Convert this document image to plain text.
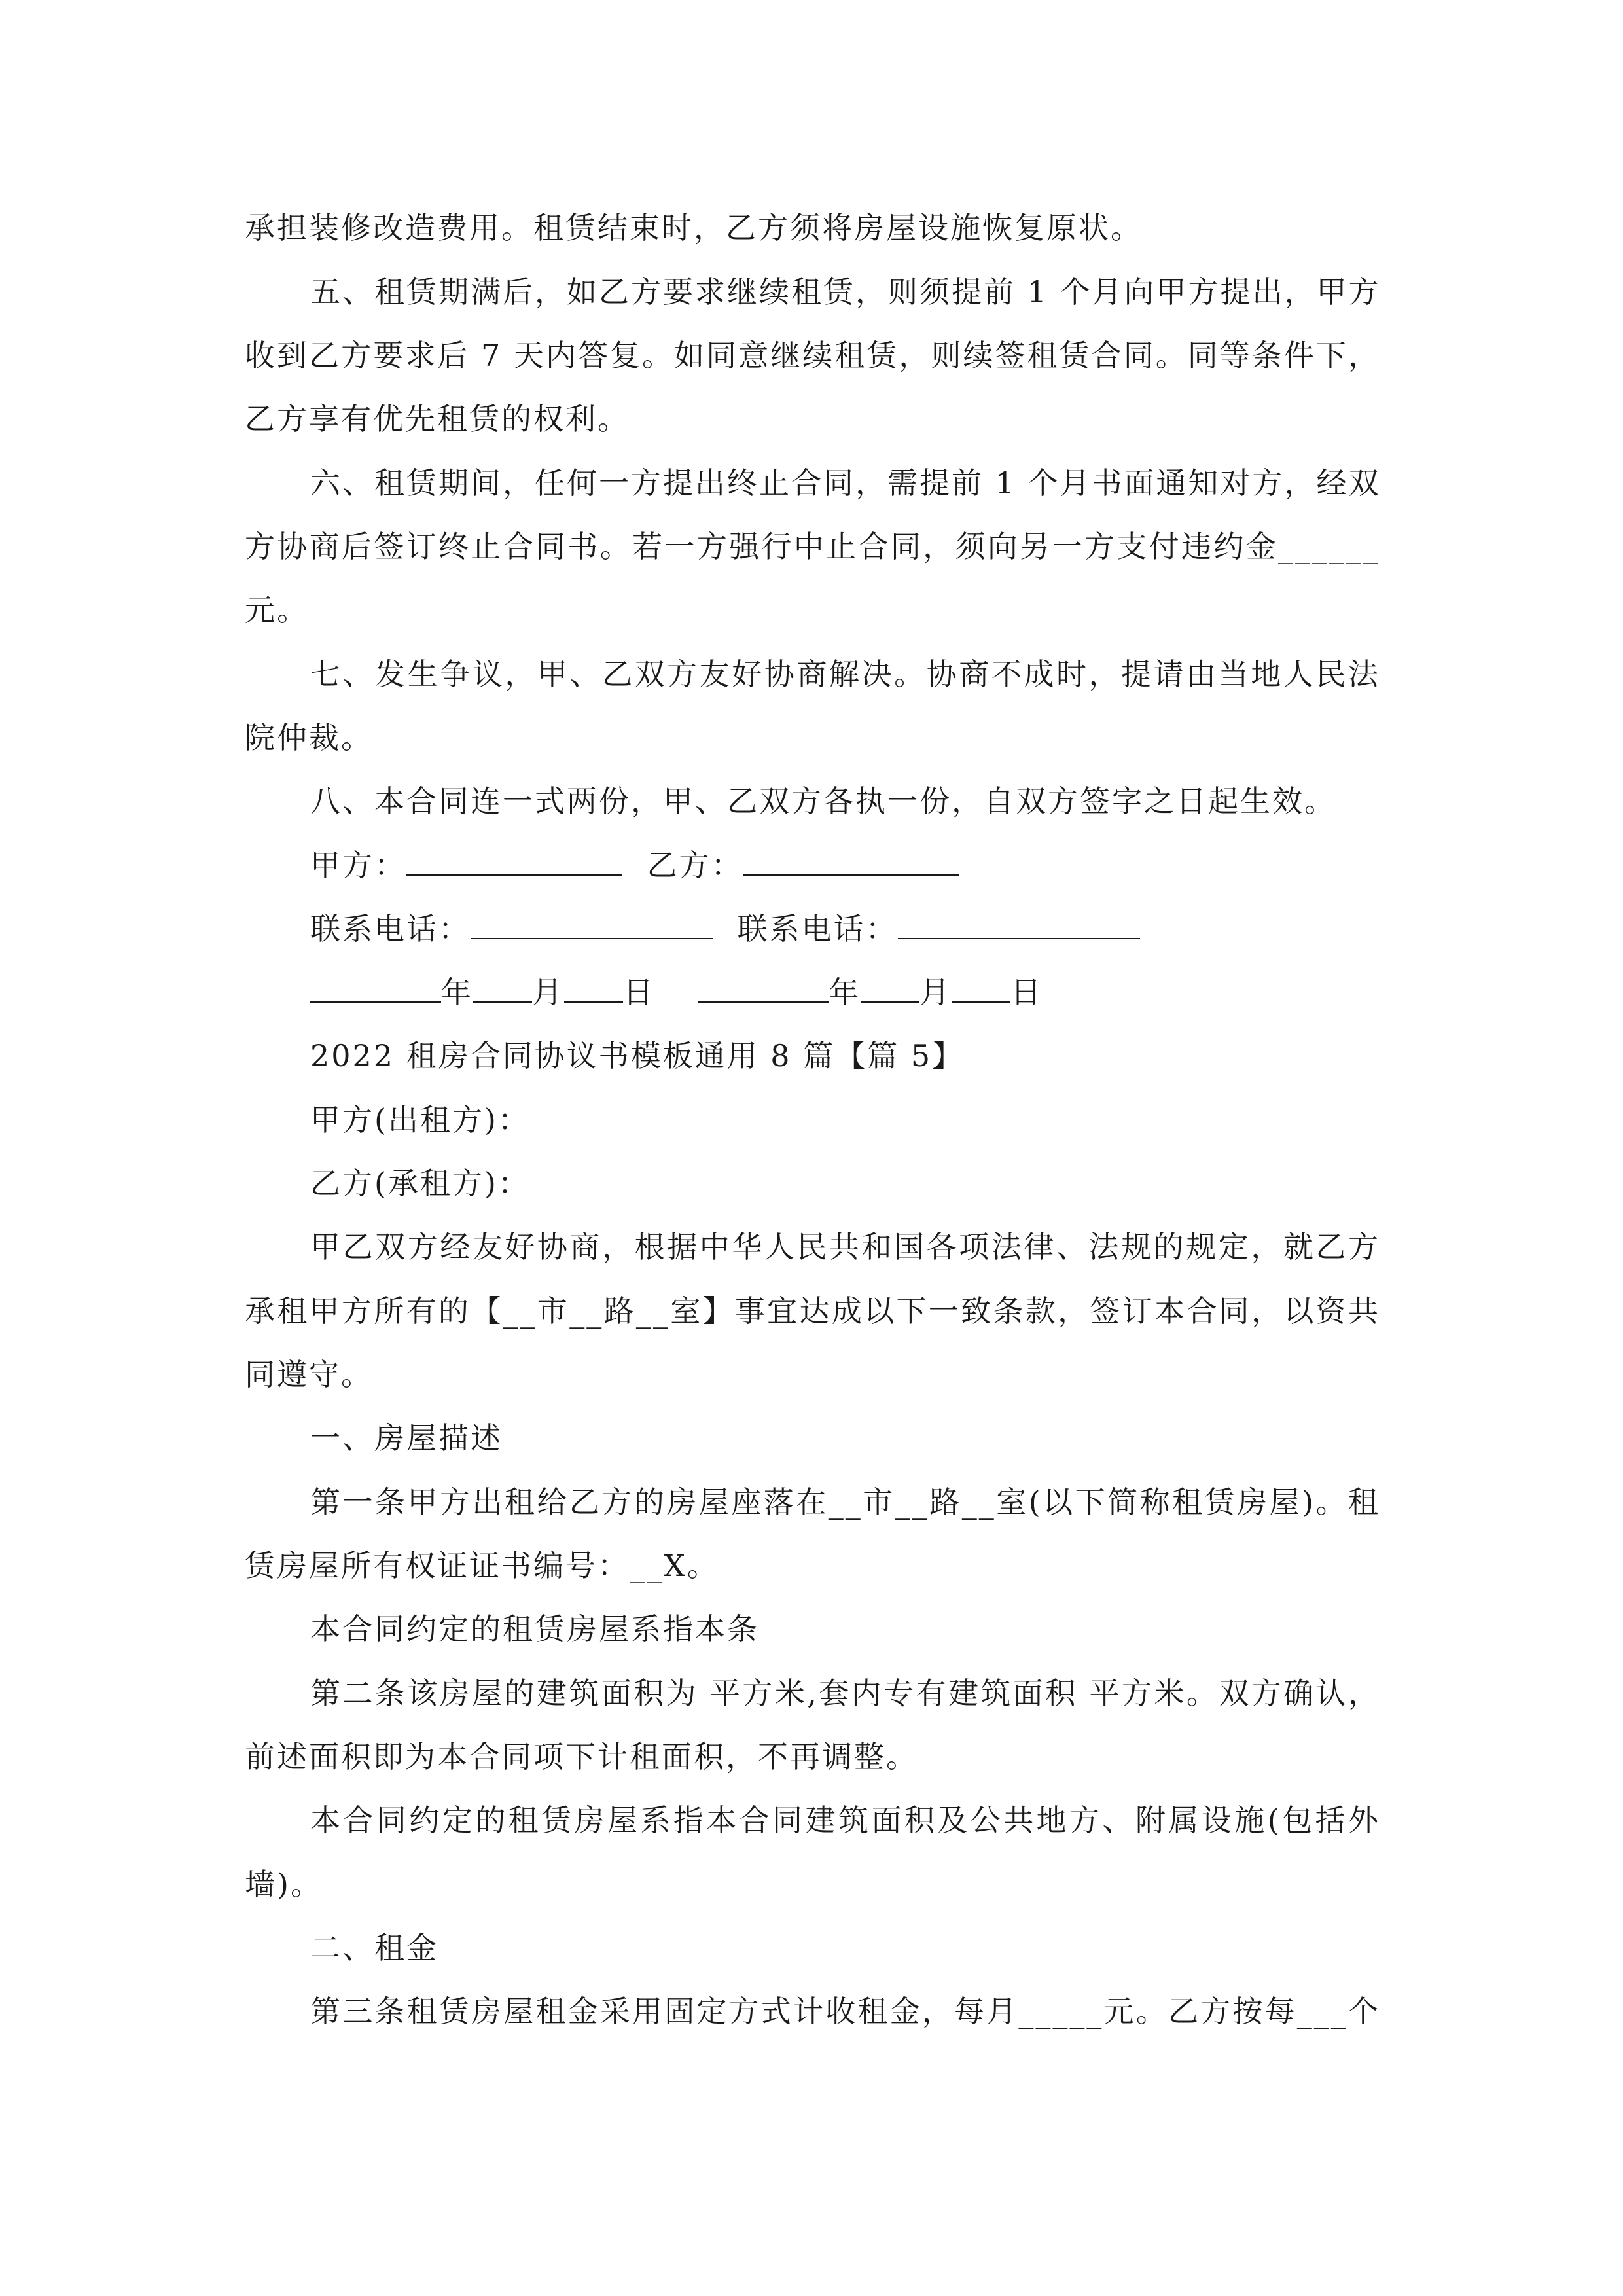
承担装修改造费用。租赁结束时，乙方须将房屋设施恢复原状。
五、租赁期满后，如乙方要求继续租赁，则须提前 1 个月向甲方提出，甲方
收到乙方要求后 7 天内答复。如同意继续租赁，则续签租赁合同。同等条件下，
乙方享有优先租赁的权利。
六、租赁期间，任何一方提出终止合同，需提前 1 个月书面通知对方，经双
方协商后签订终止合同书。若一方强行中止合同，须向另一方支付违约金______
元。
七、发生争议，甲、乙双方友好协商解决。协商不成时，提请由当地人民法
院仲裁。
八、本合同连一式两份，甲、乙双方各执一份，自双方签字之日起生效。
甲方：	乙方：
联系电话：	联系电话：
年 月 日	年 月 日
2022 租房合同协议书模板通用 8 篇【篇 5】
甲方(出租方)：
乙方(承租方)：
甲乙双方经友好协商，根据中华人民共和国各项法律、法规的规定，就乙方
承租甲方所有的【__市__路__室】事宜达成以下一致条款，签订本合同，以资共
同遵守。
一、房屋描述
第一条甲方出租给乙方的房屋座落在__市__路__室(以下简称租赁房屋)。租
赁房屋所有权证证书编号：__X。
本合同约定的租赁房屋系指本条
第二条该房屋的建筑面积为 平方米,套内专有建筑面积 平方米。双方确认，
前述面积即为本合同项下计租面积，不再调整。
本合同约定的租赁房屋系指本合同建筑面积及公共地方、附属设施(包括外
墙)。
二、租金
第三条租赁房屋租金采用固定方式计收租金，每月_____元。乙方按每___个
